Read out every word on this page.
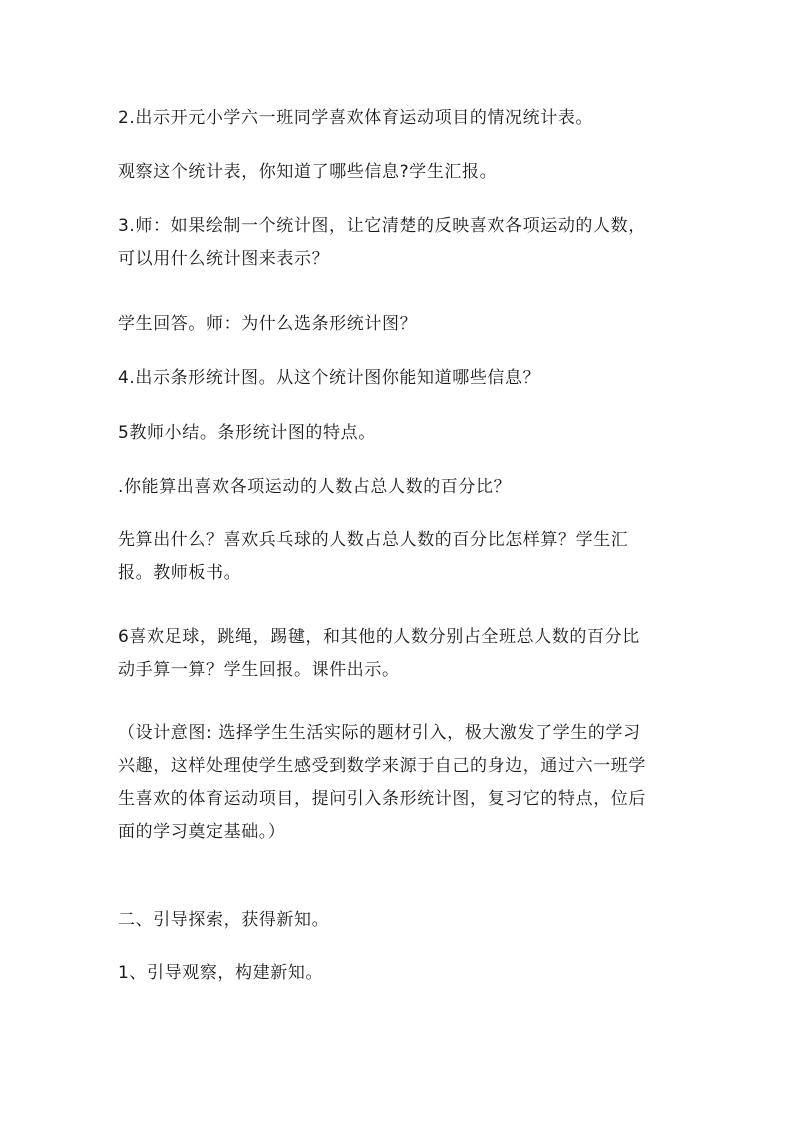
2.出示开元小学六一班同学喜欢体育运动项目的情况统计表。
观察这个统计表，你知道了哪些信息?学生汇报。
3.师：如果绘制一个统计图，让它清楚的反映喜欢各项运动的人数，
可以用什么统计图来表示？
学生回答。师：为什么选条形统计图？
4.出示条形统计图。从这个统计图你能知道哪些信息？
5教师小结。条形统计图的特点。
.你能算出喜欢各项运动的人数占总人数的百分比？
先算出什么？喜欢兵乓球的人数占总人数的百分比怎样算？学生汇
报。教师板书。
6喜欢足球，跳绳，踢毽，和其他的人数分别占全班总人数的百分比
动手算一算？学生回报。课件出示。
（设计意图: 选择学生生活实际的题材引入，极大激发了学生的学习
兴趣，这样处理使学生感受到数学来源于自己的身边，通过六一班学
生喜欢的体育运动项目，提问引入条形统计图，复习它的特点，位后
面的学习奠定基础。）
二、引导探索，获得新知。
1、引导观察，构建新知。
